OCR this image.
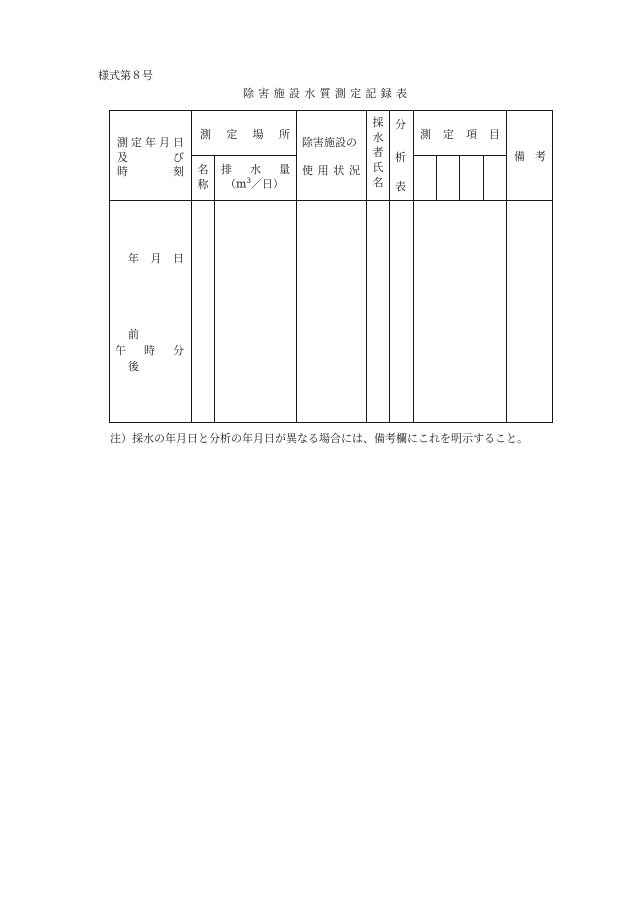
様式第８号
除害施設水質測定記録表
測 定 年 月 日
及	び
時	刻
測 定 場 所
名
称
排 水 量
（$m^3/$日）
除害施設の
使 用 状 況
採
水
者
氏
名
分
析
表
測 定 項 目
備 考
年 月 日
前
午 時 分
後
注）採水の年月日と分析の年月日が異なる場合には、備考欄にこれを明示すること。
